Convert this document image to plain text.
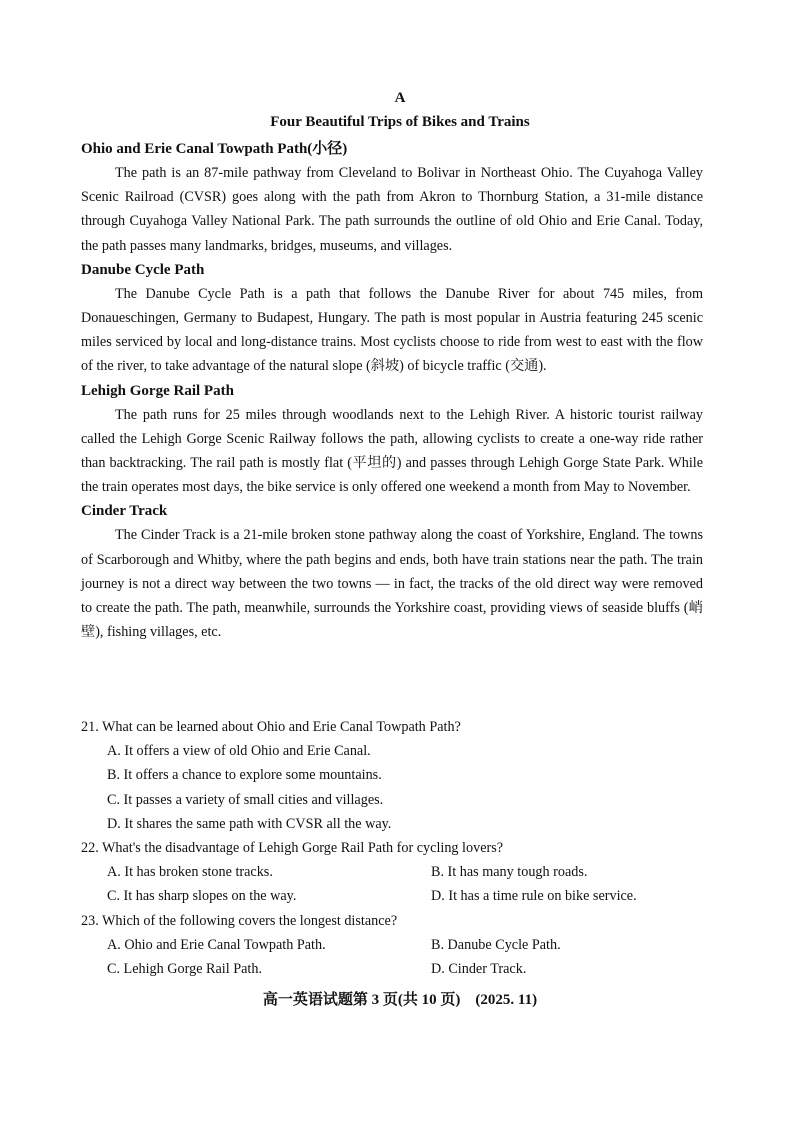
A
Four Beautiful Trips of Bikes and Trains
Ohio and Erie Canal Towpath Path(小径)

The path is an 87-mile pathway from Cleveland to Bolivar in Northeast Ohio. The Cuyahoga Valley Scenic Railroad (CVSR) goes along with the path from Akron to Thornburg Station, a 31-mile distance through Cuyahoga Valley National Park. The path surrounds the outline of old Ohio and Erie Canal. Today, the path passes many landmarks, bridges, museums, and villages.

Danube Cycle Path

The Danube Cycle Path is a path that follows the Danube River for about 745 miles, from Donaueschingen, Germany to Budapest, Hungary. The path is most popular in Austria featuring 245 scenic miles serviced by local and long-distance trains. Most cyclists choose to ride from west to east with the flow of the river, to take advantage of the natural slope (斜坡) of bicycle traffic (交通).

Lehigh Gorge Rail Path

The path runs for 25 miles through woodlands next to the Lehigh River. A historic tourist railway called the Lehigh Gorge Scenic Railway follows the path, allowing cyclists to create a one-way ride rather than backtracking. The rail path is mostly flat (平坦的) and passes through Lehigh Gorge State Park. While the train operates most days, the bike service is only offered one weekend a month from May to November.

Cinder Track

The Cinder Track is a 21-mile broken stone pathway along the coast of Yorkshire, England. The towns of Scarborough and Whitby, where the path begins and ends, both have train stations near the path. The train journey is not a direct way between the two towns — in fact, the tracks of the old direct way were removed to create the path. The path, meanwhile, surrounds the Yorkshire coast, providing views of seaside bluffs (峭壁), fishing villages, etc.

21. What can be learned about Ohio and Erie Canal Towpath Path?
A. It offers a view of old Ohio and Erie Canal.
B. It offers a chance to explore some mountains.
C. It passes a variety of small cities and villages.
D. It shares the same path with CVSR all the way.
22. What's the disadvantage of Lehigh Gorge Rail Path for cycling lovers?
A. It has broken stone tracks.	B. It has many tough roads.
C. It has sharp slopes on the way.	D. It has a time rule on bike service.
23. Which of the following covers the longest distance?
A. Ohio and Erie Canal Towpath Path.	B. Danube Cycle Path.
C. Lehigh Gorge Rail Path.	D. Cinder Track.
高一英语试题第 3 页(共 10 页)　(2025. 11)
